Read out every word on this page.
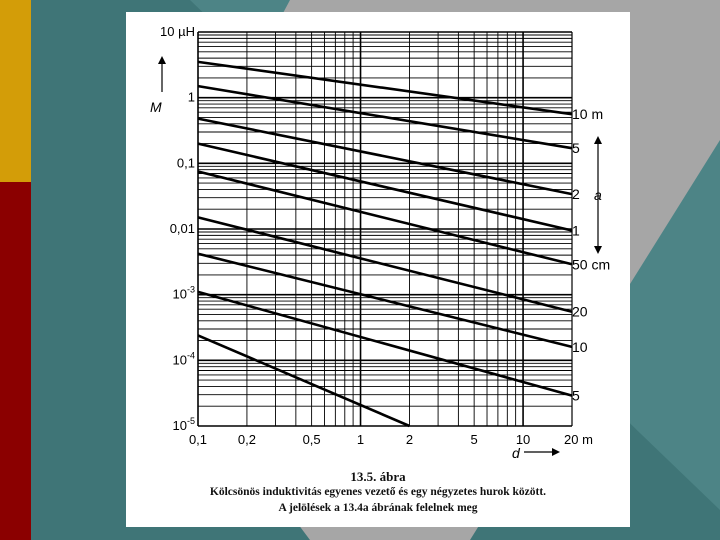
10 µH
1
0,1
0,01
$10^{-3}$
$10^{-4}$
$10^{-5}$
0,1 0,2	0,5	1	2	5	10	20 m
10 m
5
2
1
50 cm
20
10
5
M
d
a
13.5. ábra
Kölcsönös induktivitás egyenes vezető és egy négyzetes hurok között.
A jelölések a 13.4a ábrának felelnek meg
